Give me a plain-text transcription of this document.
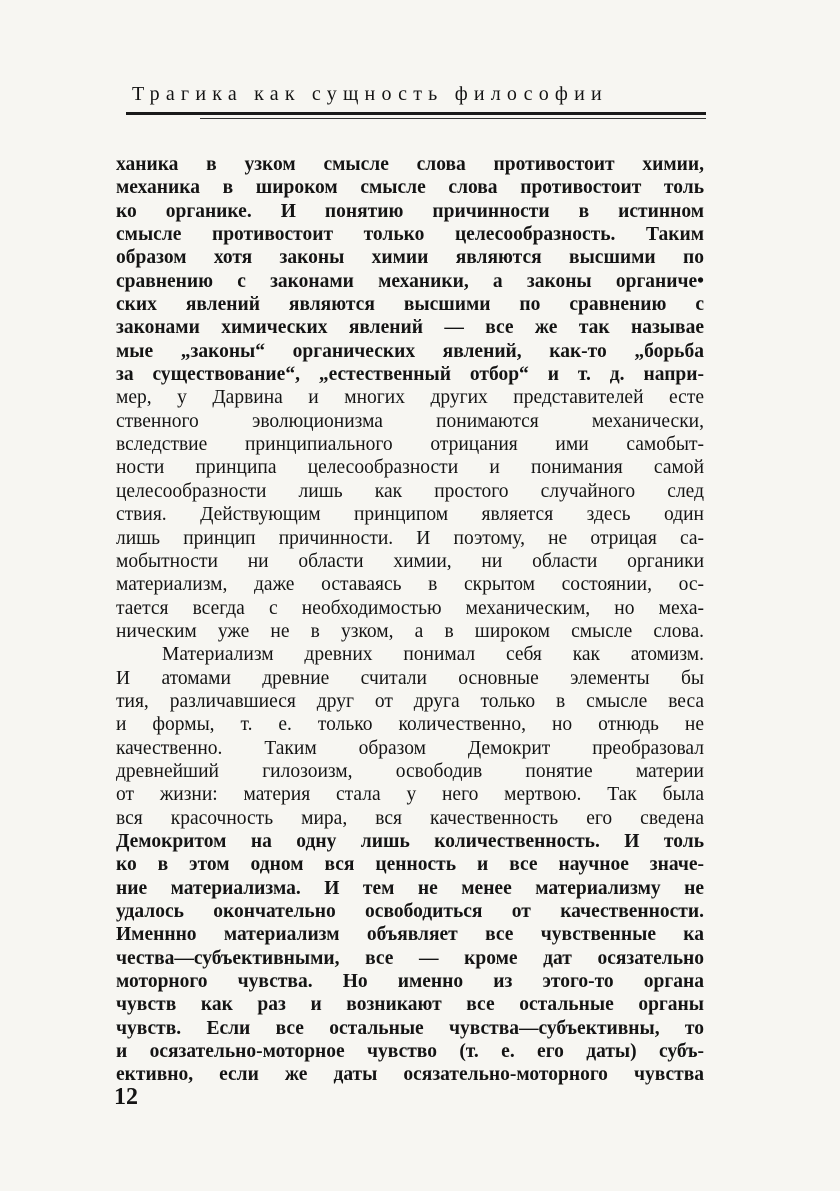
Трагика как сущность философии
ханика в узком смысле слова противостоит химии,
механика в широком смысле слова противостоит толь
ко органике. И понятию причинности в истинном
смысле противостоит только целесообразность. Таким
образом хотя законы химии являются высшими по
сравнению с законами механики, а законы органиче•
ских явлений являются высшими по сравнению с
законами химических явлений — все же так называе
мые „законы“ органических явлений, как-то „борьба
за существование“, „естественный отбор“ и т. д. напри-
мер, у Дарвина и многих других представителей есте
ственного эволюционизма понимаются механически,
вследствие принципиального отрицания ими самобыт-
ности принципа целесообразности и понимания самой
целесообразности лишь как простого случайного след
ствия. Действующим принципом является здесь один
лишь принцип причинности. И поэтому, не отрицая са-
мобытности ни области химии, ни области органики
материализм, даже оставаясь в скрытом состоянии, ос-
тается всегда с необходимостью механическим, но меха-
ническим уже не в узком, а в широком смысле слова.
Материализм древних понимал себя как атомизм.
И атомами древние считали основные элементы бы
тия, различавшиеся друг от друга только в смысле веса
и формы, т. е. только количественно, но отнюдь не
качественно. Таким образом Демокрит преобразовал
древнейший гилозоизм, освободив понятие материи
от жизни: материя стала у него мертвою. Так была
вся красочность мира, вся качественность его сведена
Демокритом на одну лишь количественность. И толь
ко в этом одном вся ценность и все научное значе-
ние материализма. И тем не менее материализму не
удалось окончательно освободиться от качественности.
Именнно материализм объявляет все чувственные ка
чества—субъективными, все — кроме дат осязательно
моторного чувства. Но именно из этого-то органа
чувств как раз и возникают все остальные органы
чувств. Если все остальные чувства—субъективны, то
и осязательно-моторное чувство (т. е. его даты) субъ-
ективно, если же даты осязательно-моторного чувства
12
